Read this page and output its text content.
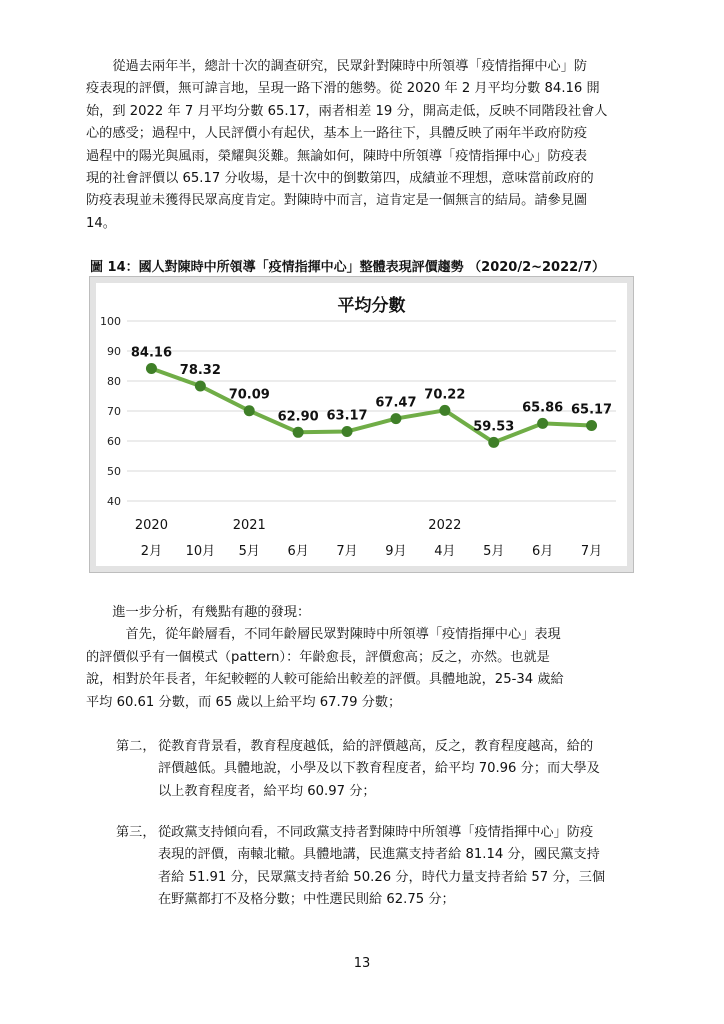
　　從過去兩年半，總計十次的調查研究，民眾針對陳時中所領導「疫情指揮中心」防
疫表現的評價，無可諱言地，呈現一路下滑的態勢。從 2020 年 2 月平均分數 84.16 開
始，到 2022 年 7 月平均分數 65.17，兩者相差 19 分，開高走低，反映不同階段社會人
心的感受；過程中，人民評價小有起伏，基本上一路往下，具體反映了兩年半政府防疫
過程中的陽光與風雨，榮耀與災難。無論如何，陳時中所領導「疫情指揮中心」防疫表
現的社會評價以 65.17 分收場，是十次中的倒數第四，成績並不理想，意味當前政府的
防疫表現並未獲得民眾高度肯定。對陳時中而言，這肯定是一個無言的結局。請參見圖
14。

圖 14：國人對陳時中所領導「疫情指揮中心」整體表現評價趨勢 （2020/2~2022/7）

平均分數
40
50
60
70
80
90
100
84.16
78.32
70.09
62.90 63.17
67.47
70.22
59.53
65.86 65.17
2020	2021	2022
2月 10月 5月 6月 7月 9月 4月 5月 6月 7月
　　進一步分析，有幾點有趣的發現：
　　　首先，從年齡層看，不同年齡層民眾對陳時中所領導「疫情指揮中心」表現
的評價似乎有一個模式（pattern）：年齡愈長，評價愈高；反之，亦然。也就是
說，相對於年長者，年紀較輕的人較可能給出較差的評價。具體地說，25-34 歲給
平均 60.61 分數，而 65 歲以上給平均 67.79 分數；
第二， 從教育背景看，教育程度越低，給的評價越高，反之，教育程度越高，給的
評價越低。具體地說，小學及以下教育程度者，給平均 70.96 分；而大學及
以上教育程度者，給平均 60.97 分；
第三， 從政黨支持傾向看，不同政黨支持者對陳時中所領導「疫情指揮中心」防疫
表現的評價，南轅北轍。具體地講，民進黨支持者給 81.14 分，國民黨支持
者給 51.91 分，民眾黨支持者給 50.26 分，時代力量支持者給 57 分，三個
在野黨都打不及格分數；中性選民則給 62.75 分；
13
